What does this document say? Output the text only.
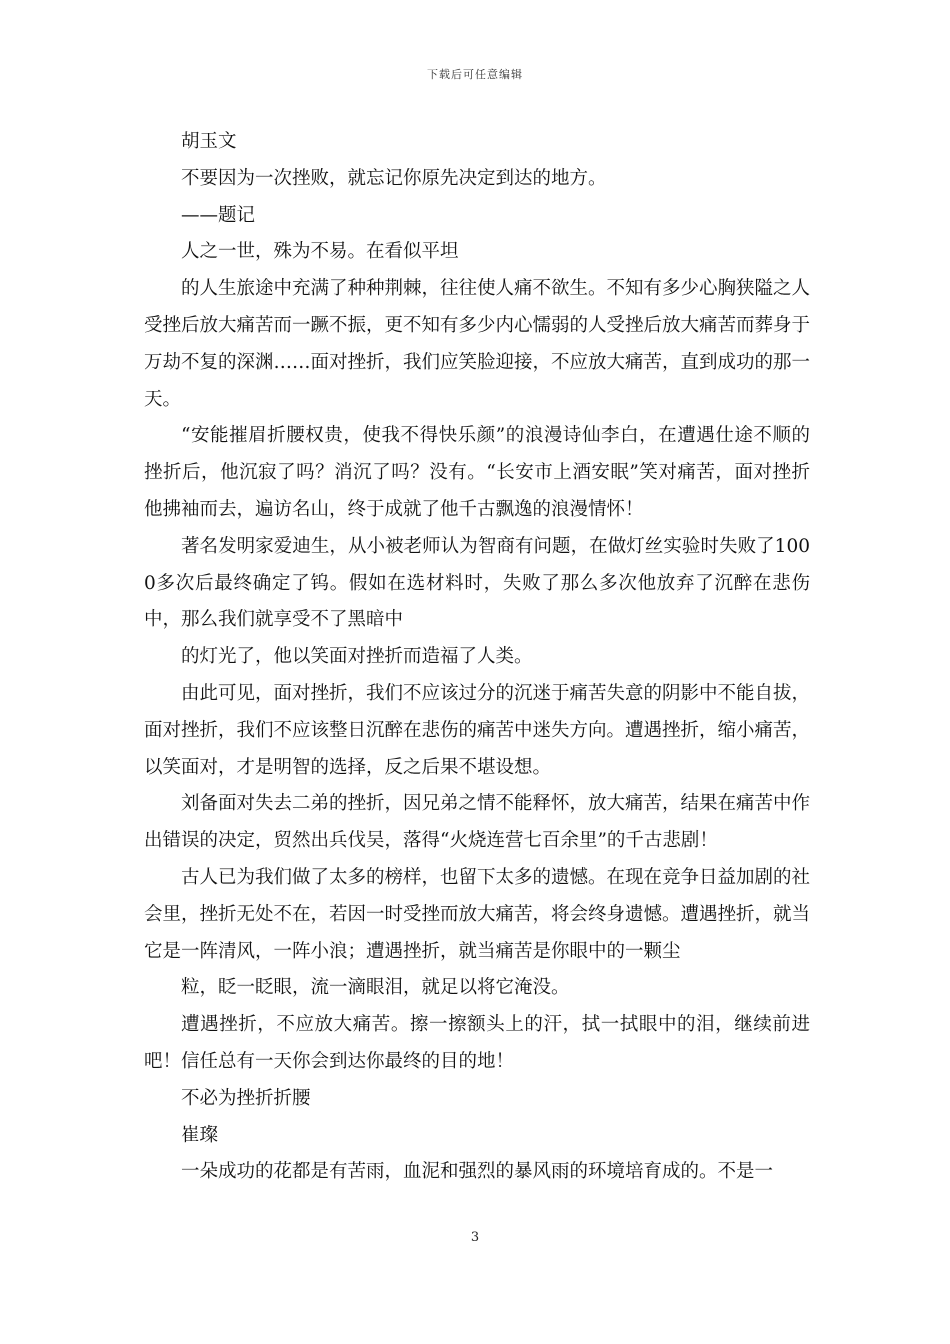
下载后可任意编辑

胡玉文

不要因为一次挫败，就忘记你原先决定到达的地方。

——题记

人之一世，殊为不易。在看似平坦

的人生旅途中充满了种种荆棘，往往使人痛不欲生。不知有多少心胸狭隘之人受挫后放大痛苦而一蹶不振，更不知有多少内心懦弱的人受挫后放大痛苦而葬身于万劫不复的深渊……面对挫折，我们应笑脸迎接，不应放大痛苦，直到成功的那一天。

“安能摧眉折腰权贵，使我不得快乐颜”的浪漫诗仙李白，在遭遇仕途不顺的挫折后，他沉寂了吗？消沉了吗？没有。“长安市上酒安眠”笑对痛苦，面对挫折他拂袖而去，遍访名山，终于成就了他千古飘逸的浪漫情怀！

著名发明家爱迪生，从小被老师认为智商有问题，在做灯丝实验时失败了1000多次后最终确定了钨。假如在选材料时，失败了那么多次他放弃了沉醉在悲伤中，那么我们就享受不了黑暗中

的灯光了，他以笑面对挫折而造福了人类。

由此可见，面对挫折，我们不应该过分的沉迷于痛苦失意的阴影中不能自拔，面对挫折，我们不应该整日沉醉在悲伤的痛苦中迷失方向。遭遇挫折，缩小痛苦，以笑面对，才是明智的选择，反之后果不堪设想。

刘备面对失去二弟的挫折，因兄弟之情不能释怀，放大痛苦，结果在痛苦中作出错误的决定，贸然出兵伐吴，落得“火烧连营七百余里”的千古悲剧！

古人已为我们做了太多的榜样，也留下太多的遗憾。在现在竞争日益加剧的社会里，挫折无处不在，若因一时受挫而放大痛苦，将会终身遗憾。遭遇挫折，就当它是一阵清风，一阵小浪；遭遇挫折，就当痛苦是你眼中的一颗尘

粒，眨一眨眼，流一滴眼泪，就足以将它淹没。

遭遇挫折，不应放大痛苦。擦一擦额头上的汗，拭一拭眼中的泪，继续前进吧！信任总有一天你会到达你最终的目的地！

不必为挫折折腰

崔璨

一朵成功的花都是有苦雨，血泥和强烈的暴风雨的环境培育成的。不是一

3
